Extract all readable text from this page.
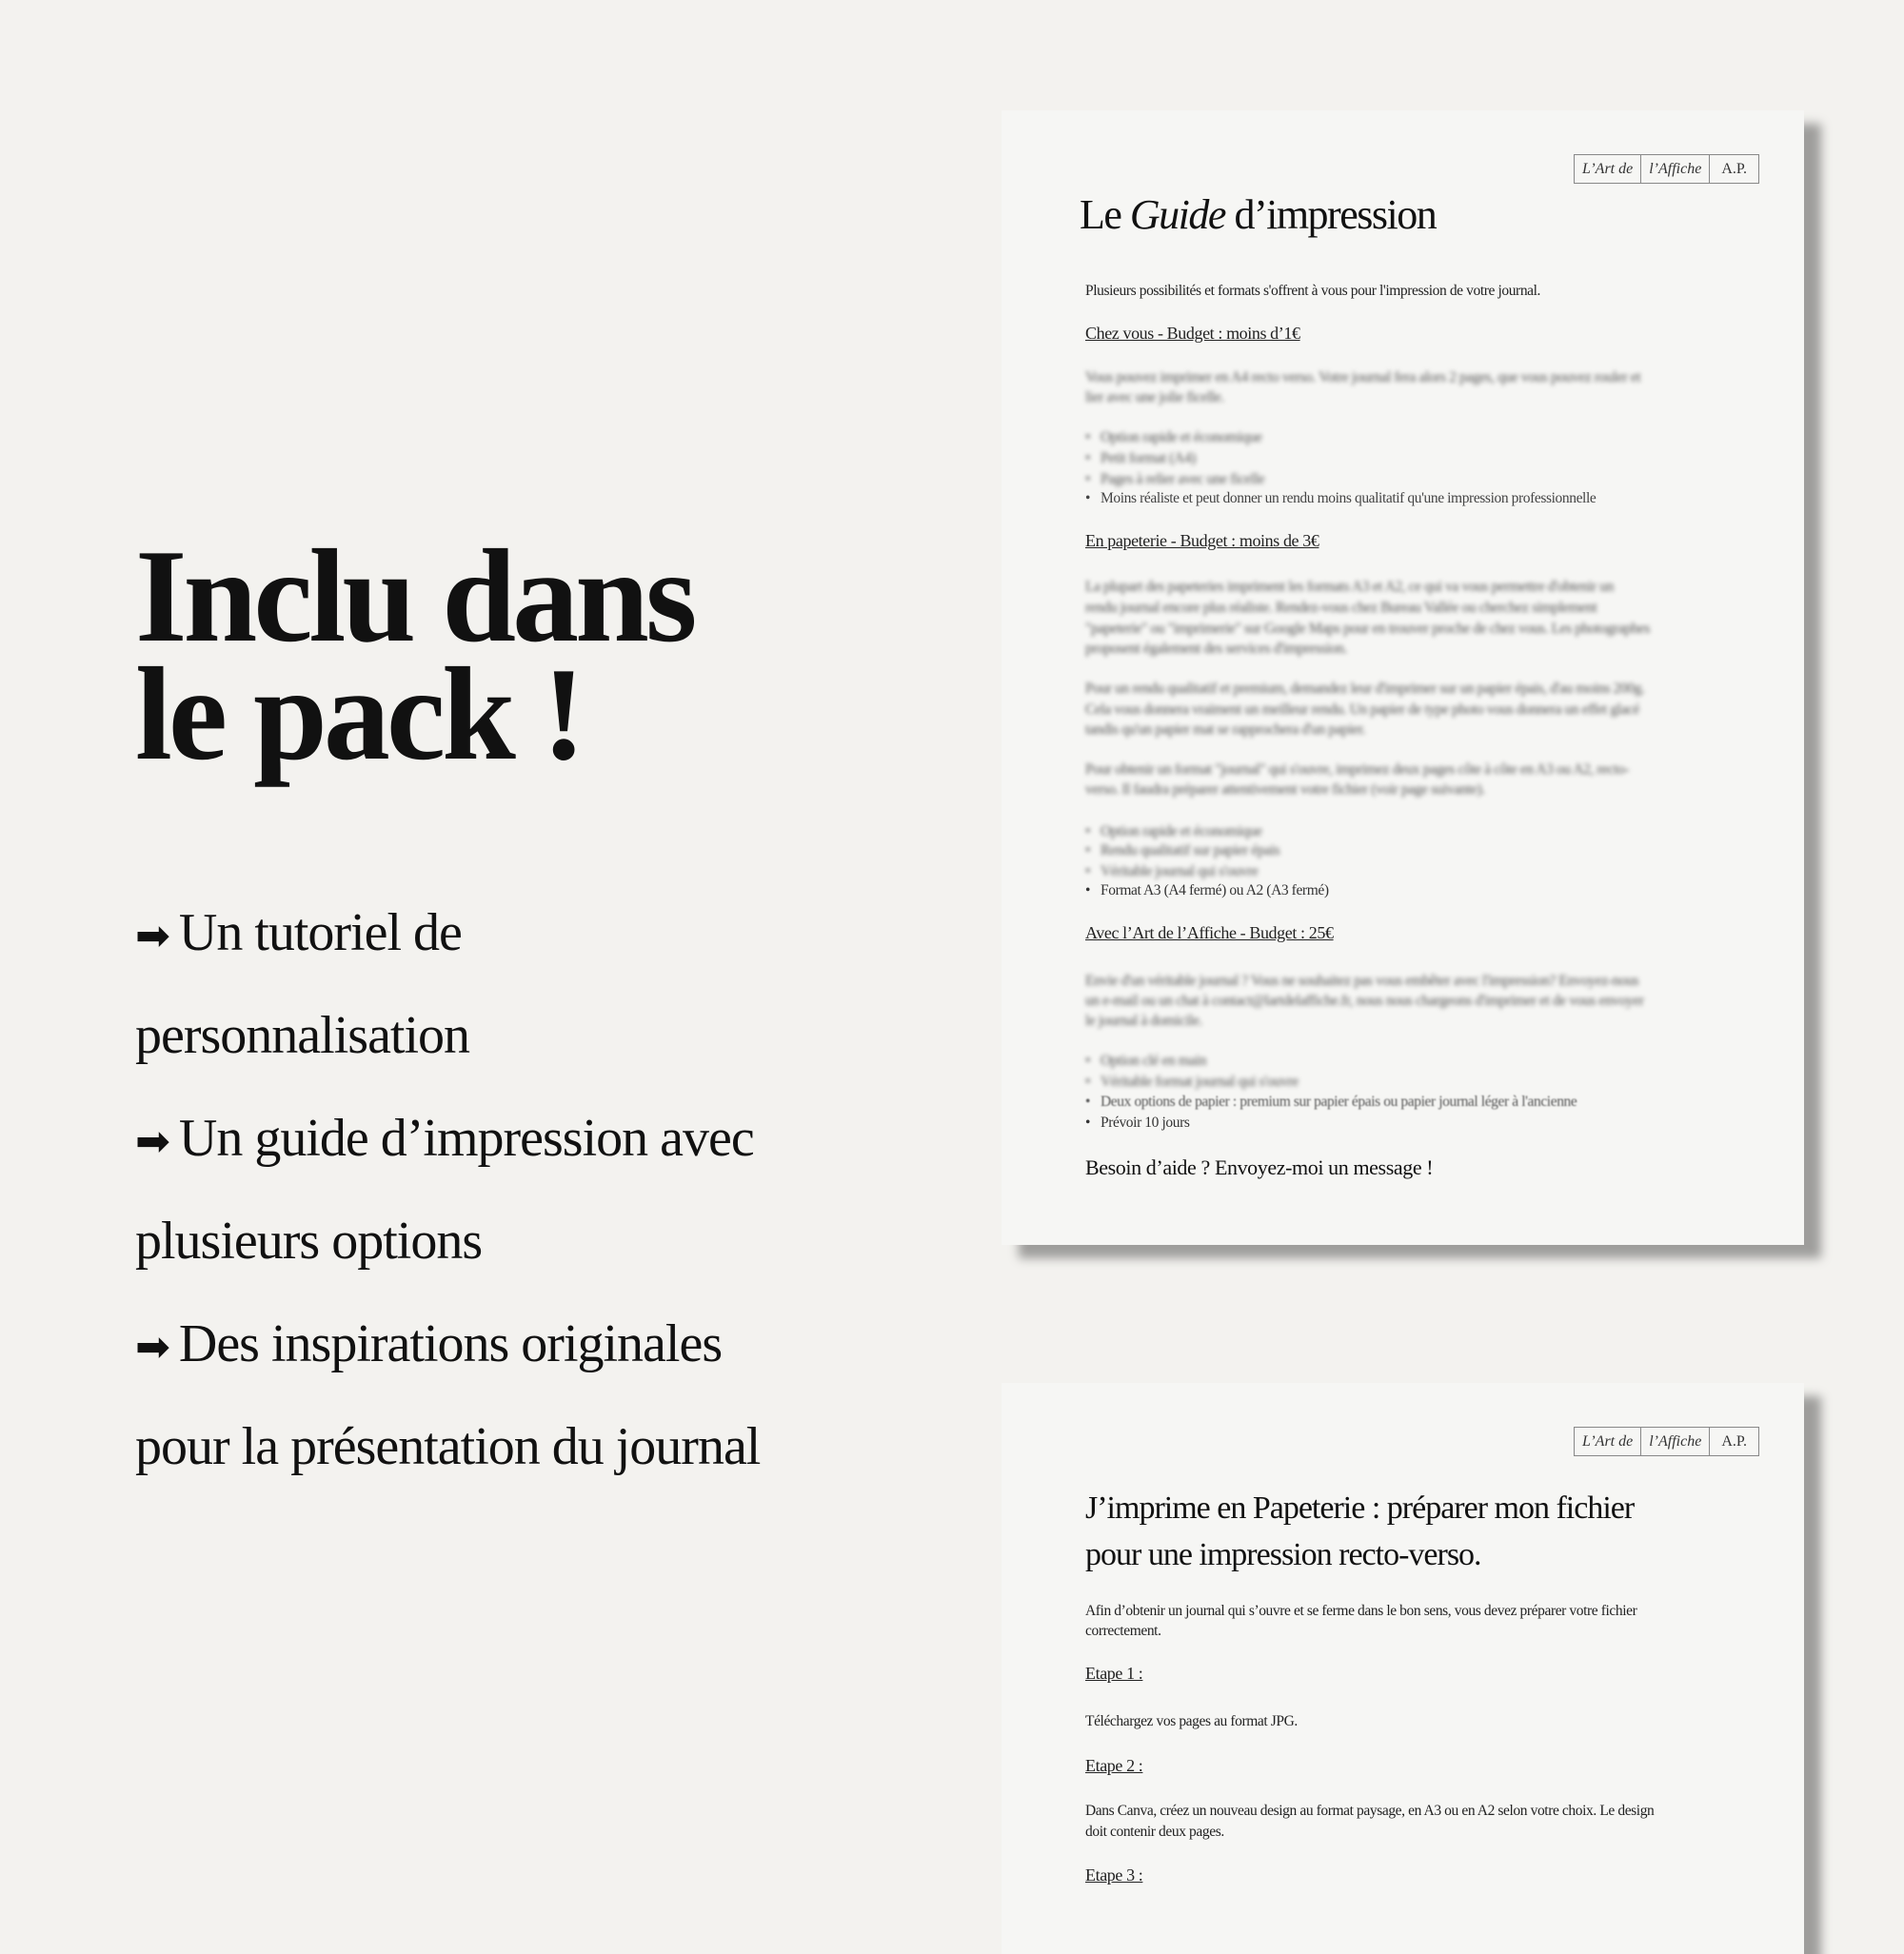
Inclu dans
le pack !
➡ Un tutoriel de
personnalisation
➡ Un guide d’impression avec
plusieurs options
➡ Des inspirations originales
pour la présentation du journal
L’Art de	l’Affiche	A.P.
Le Guide d’impression
Plusieurs possibilités et formats s'offrent à vous pour l'impression de votre journal.
Chez vous - Budget : moins d’1€
Vous pouvez imprimer en A4 recto verso. Votre journal fera alors 2 pages, que vous pouvez rouler et
lier avec une jolie ficelle.
• Option rapide et économique
• Petit format (A4)
• Pages à relier avec une ficelle
• Moins réaliste et peut donner un rendu moins qualitatif qu'une impression professionnelle
En papeterie - Budget : moins de 3€
La plupart des papeteries impriment les formats A3 et A2, ce qui va vous permettre d'obtenir un
rendu journal encore plus réaliste. Rendez-vous chez Bureau Vallée ou cherchez simplement
"papeterie" ou "imprimerie" sur Google Maps pour en trouver proche de chez vous. Les photographes
proposent également des services d'impression.
Pour un rendu qualitatif et premium, demandez leur d'imprimer sur un papier épais, d'au moins 200g.
Cela vous donnera vraiment un meilleur rendu. Un papier de type photo vous donnera un effet glacé
tandis qu'un papier mat se rapprochera d'un papier.
Pour obtenir un format "journal" qui s'ouvre, imprimez deux pages côte à côte en A3 ou A2, recto-
verso. Il faudra préparer attentivement votre fichier (voir page suivante).
• Option rapide et économique
• Rendu qualitatif sur papier épais
• Véritable journal qui s'ouvre
• Format A3 (A4 fermé) ou A2 (A3 fermé)
Avec l’Art de l’Affiche - Budget : 25€
Envie d'un véritable journal ? Vous ne souhaitez pas vous embêter avec l'impression? Envoyez-nous
un e-mail ou un chat à contact@lartdelaffiche.fr, nous nous chargeons d'imprimer et de vous envoyer
le journal à domicile.
• Option clé en main
• Véritable format journal qui s'ouvre
• Deux options de papier : premium sur papier épais ou papier journal léger à l'ancienne
• Prévoir 10 jours
Besoin d’aide ? Envoyez-moi un message !
L’Art de	l’Affiche	A.P.
J’imprime en Papeterie : préparer mon fichier
pour une impression recto-verso.
Afin d’obtenir un journal qui s’ouvre et se ferme dans le bon sens, vous devez préparer votre fichier
correctement.
Etape 1 :
Téléchargez vos pages au format JPG.
Etape 2 :
Dans Canva, créez un nouveau design au format paysage, en A3 ou en A2 selon votre choix. Le design
doit contenir deux pages.
Etape 3 :
